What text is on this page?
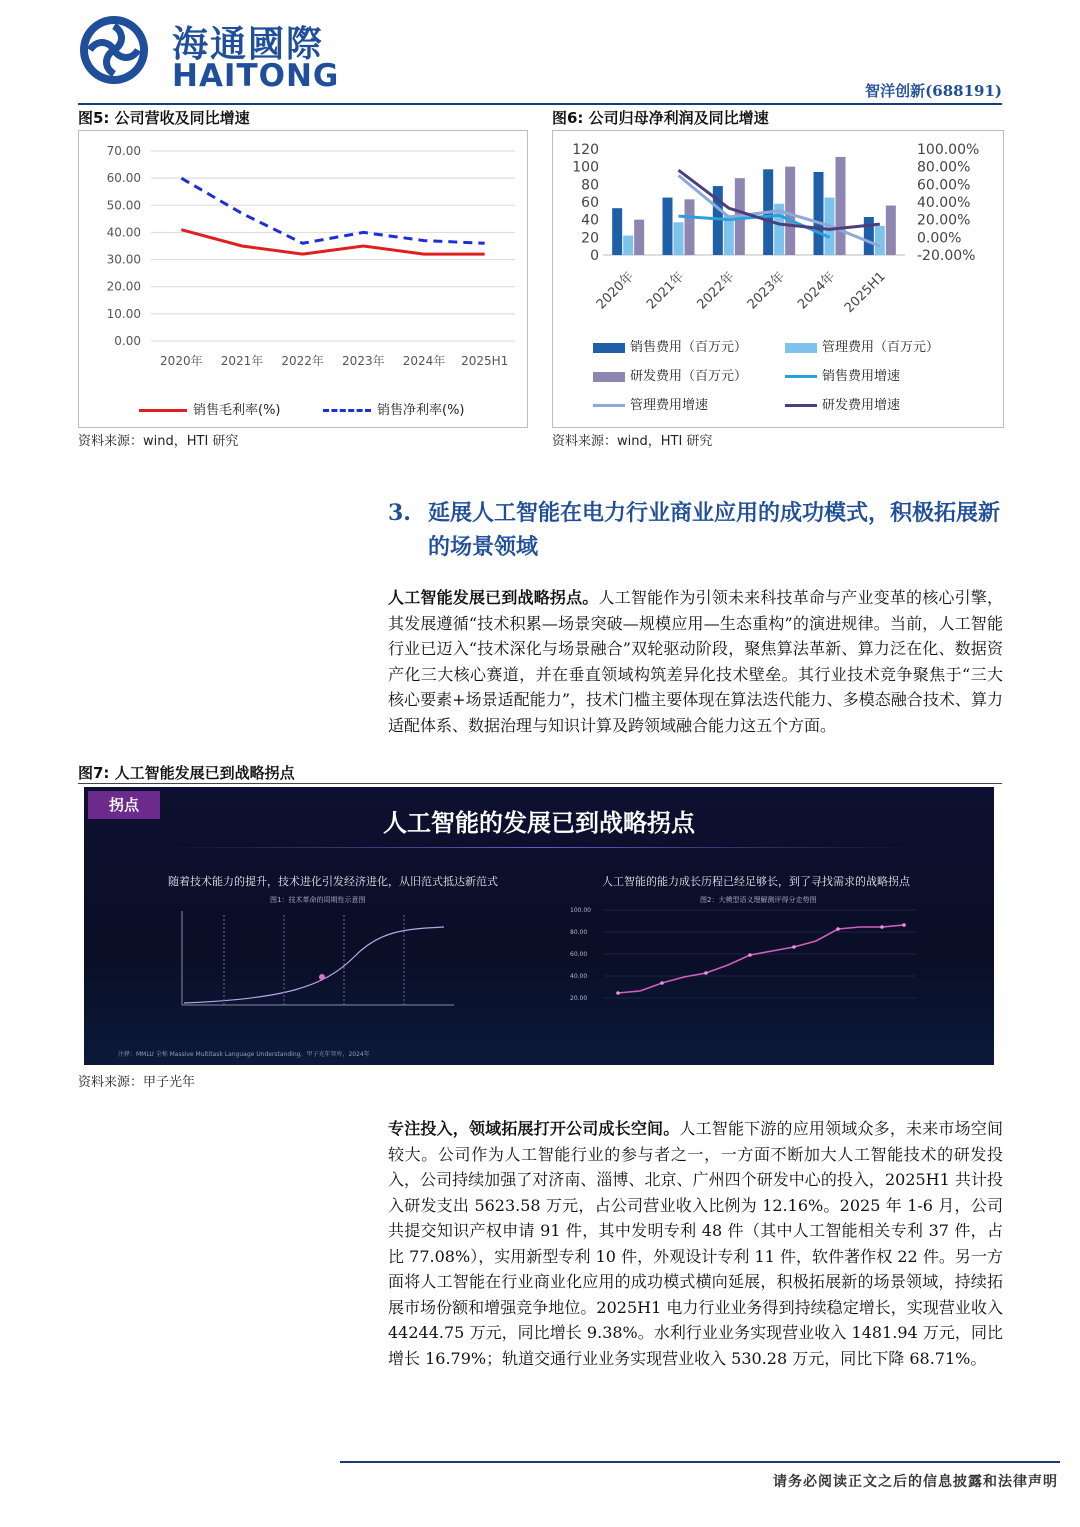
海通國際
HAITONG	智洋创新(688191)
图5: 公司营收及同比增速
0.00
10.00
20.00
30.00
40.00
50.00
60.00
70.00
2020年 2021年 2022年 2023年 2024年 2025H1
销售毛利率(%)	销售净利率(%)
资料来源：wind，HTI 研究
图6: 公司归母净利润及同比增速
0
20
40
60
80
100
120
-20.00%
0.00%
20.00%
40.00%
60.00%
80.00%
100.00%
2020年 2021年 2022年 2023年 2024年 2025H1
销售费用（百万元）	管理费用（百万元）
研发费用（百万元）	销售费用增速
管理费用增速	研发费用增速
资料来源：wind，HTI 研究
3. 延展人工智能在电力行业商业应用的成功模式，积极拓展新的场景领域
人工智能发展已到战略拐点。人工智能作为引领未来科技革命与产业变革的核心引擎，其发展遵循“技术积累—场景突破—规模应用—生态重构”的演进规律。当前，人工智能行业已迈入“技术深化与场景融合”双轮驱动阶段，聚焦算法革新、算力泛在化、数据资产化三大核心赛道，并在垂直领域构筑差异化技术壁垒。其行业技术竞争聚焦于“三大核心要素+场景适配能力”，技术门槛主要体现在算法迭代能力、多模态融合技术、算力适配体系、数据治理与知识计算及跨领域融合能力这五个方面。
图7: 人工智能发展已到战略拐点
拐点
人工智能的发展已到战略拐点
随着技术能力的提升，技术进化引发经济进化，从旧范式抵达新范式
图1：技术革命的周期性示意图
人工智能的能力成长历程已经足够长，到了寻找需求的战略拐点
图2：大模型语义理解测评得分走势图
100.00
80.00
60.00
40.00
20.00
注释：MMLU 全称 Massive Multitask Language Understanding。甲子光年智库，2024年
资料来源：甲子光年
专注投入，领域拓展打开公司成长空间。人工智能下游的应用领域众多，未来市场空间较大。公司作为人工智能行业的参与者之一，一方面不断加大人工智能技术的研发投入，公司持续加强了对济南、淄博、北京、广州四个研发中心的投入，2025H1 共计投入研发支出 5623.58 万元，占公司营业收入比例为 12.16%。2025 年 1-6 月，公司共提交知识产权申请 91 件，其中发明专利 48 件（其中人工智能相关专利 37 件，占比 77.08%），实用新型专利 10 件，外观设计专利 11 件，软件著作权 22 件。另一方面将人工智能在行业商业化应用的成功模式横向延展，积极拓展新的场景领域，持续拓展市场份额和增强竞争地位。2025H1 电力行业业务得到持续稳定增长，实现营业收入 44244.75 万元，同比增长 9.38%。水利行业业务实现营业收入 1481.94 万元，同比增长 16.79%；轨道交通行业业务实现营业收入 530.28 万元，同比下降 68.71%。
请务必阅读正文之后的信息披露和法律声明
